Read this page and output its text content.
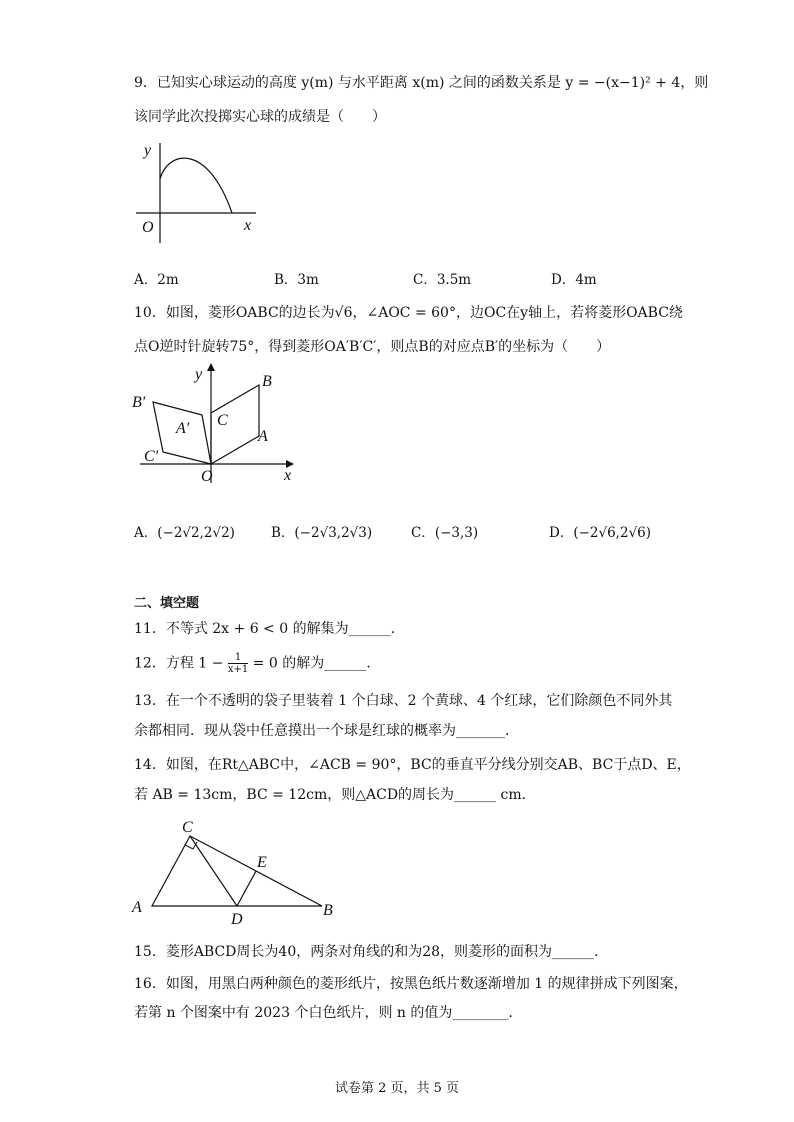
9．已知实心球运动的高度 y(m) 与水平距离 x(m) 之间的函数关系是 y = −(x−1)² + 4，则
该同学此次投掷实心球的成绩是（　　）
y
x
O
A．2m	B．3m	C．3.5m	D．4m
10．如图，菱形OABC的边长为√6，∠AOC = 60°，边OC在y轴上，若将菱形OABC绕
点O逆时针旋转75°，得到菱形OA′B′C′，则点B的对应点B′的坐标为（　　）
y
x
O
B
C
A
B′
A′
C′
A．(−2√2,2√2)	B．(−2√3,2√3)	C．(−3,3)	D．(−2√6,2√6)
二、填空题
11．不等式 2x + 6 < 0 的解集为______.
12．方程 $1 - \frac{1}{x+1} = 0$ 的解为______.
13．在一个不透明的袋子里装着 1 个白球、2 个黄球、4 个红球，它们除颜色不同外其
余都相同．现从袋中任意摸出一个球是红球的概率为_______.
14．如图，在Rt△ABC中，∠ACB = 90°，BC的垂直平分线分别交AB、BC于点D、E，
若 AB = 13cm，BC = 12cm，则△ACD的周长为______ cm．
C
E
A
D
B
15．菱形ABCD周长为40，两条对角线的和为28，则菱形的面积为______.
16．如图，用黑白两种颜色的菱形纸片，按黑色纸片数逐渐增加 1 的规律拼成下列图案，
若第 n 个图案中有 2023 个白色纸片，则 n 的值为________.
试卷第 2 页，共 5 页
